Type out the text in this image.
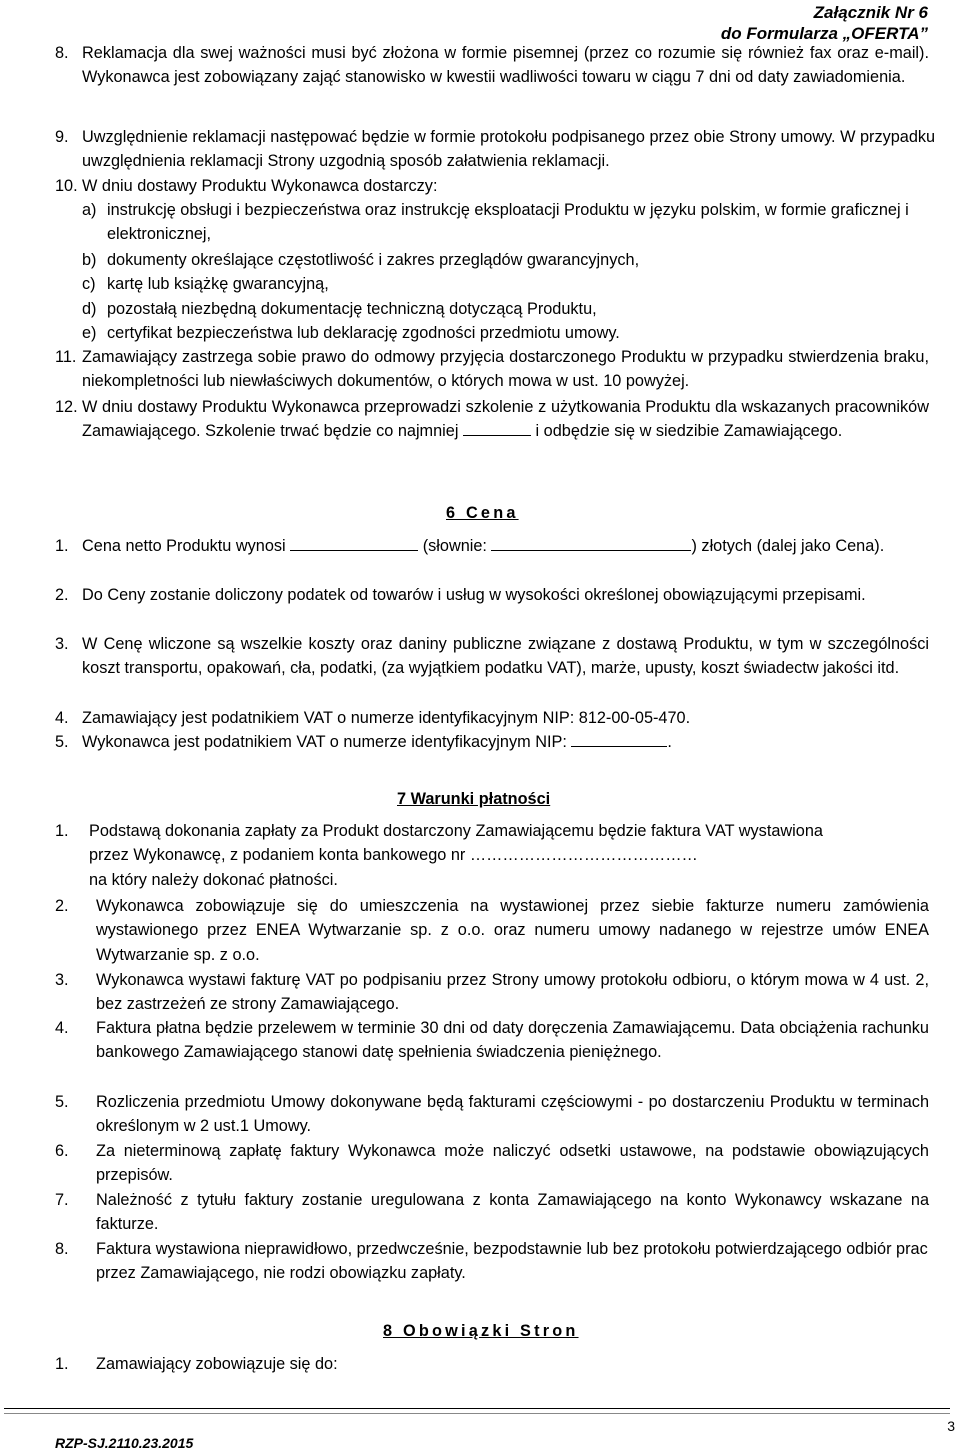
Załącznik Nr 6
do Formularza „OFERTA”
8. Reklamacja dla swej ważności musi być złożona w formie pisemnej (przez co rozumie się również fax oraz e-mail). Wykonawca jest zobowiązany zająć stanowisko w kwestii wadliwości towaru w ciągu 7 dni od daty zawiadomienia.
9. Uwzględnienie reklamacji następować będzie w formie protokołu podpisanego przez obie Strony umowy. W przypadku uwzględnienia reklamacji Strony uzgodnią sposób załatwienia reklamacji.
10. W dniu dostawy Produktu Wykonawca dostarczy:
a) instrukcję obsługi i bezpieczeństwa oraz instrukcję eksploatacji Produktu w języku polskim, w formie graficznej i elektronicznej,
b) dokumenty określające częstotliwość i zakres przeglądów gwarancyjnych,
c) kartę lub książkę gwarancyjną,
d) pozostałą niezbędną dokumentację techniczną dotyczącą Produktu,
e) certyfikat bezpieczeństwa lub deklarację zgodności przedmiotu umowy.
11. Zamawiający zastrzega sobie prawo do odmowy przyjęcia dostarczonego Produktu w przypadku stwierdzenia braku, niekompletności lub niewłaściwych dokumentów, o których mowa w ust. 10 powyżej.
12. W dniu dostawy Produktu Wykonawca przeprowadzi szkolenie z użytkowania Produktu dla wskazanych pracowników Zamawiającego. Szkolenie trwać będzie co najmniej	i odbędzie się w siedzibie Zamawiającego.
6 Cena
1. Cena netto Produktu wynosi	(słownie:	) złotych (dalej jako Cena).
2. Do Ceny zostanie doliczony podatek od towarów i usług w wysokości określonej obowiązującymi przepisami.
3. W Cenę wliczone są wszelkie koszty oraz daniny publiczne związane z dostawą Produktu, w tym w szczególności koszt transportu, opakowań, cła, podatki, (za wyjątkiem podatku VAT), marże, upusty, koszt świadectw jakości itd.
4. Zamawiający jest podatnikiem VAT o numerze identyfikacyjnym NIP: 812-00-05-470.
5. Wykonawca jest podatnikiem VAT o numerze identyfikacyjnym NIP:	.
7 Warunki płatności
1. Podstawą dokonania zapłaty za Produkt dostarczony Zamawiającemu będzie faktura VAT wystawiona
przez Wykonawcę, z podaniem konta bankowego nr ……………………………………
na który należy dokonać płatności.
2. Wykonawca zobowiązuje się do umieszczenia na wystawionej przez siebie fakturze numeru zamówienia wystawionego przez ENEA Wytwarzanie sp. z o.o. oraz numeru umowy nadanego w rejestrze umów ENEA Wytwarzanie sp. z o.o.
3. Wykonawca wystawi fakturę VAT po podpisaniu przez Strony umowy protokołu odbioru, o którym mowa w 4 ust. 2, bez zastrzeżeń ze strony Zamawiającego.
4. Faktura płatna będzie przelewem w terminie 30 dni od daty doręczenia Zamawiającemu. Data obciążenia rachunku bankowego Zamawiającego stanowi datę spełnienia świadczenia pieniężnego.
5. Rozliczenia przedmiotu Umowy dokonywane będą fakturami częściowymi - po dostarczeniu Produktu w terminach określonym w 2 ust.1 Umowy.
6. Za nieterminową zapłatę faktury Wykonawca może naliczyć odsetki ustawowe, na podstawie obowiązujących przepisów.
7. Należność z tytułu faktury zostanie uregulowana z konta Zamawiającego na konto Wykonawcy wskazane na fakturze.
8. Faktura wystawiona nieprawidłowo, przedwcześnie, bezpodstawnie lub bez protokołu potwierdzającego odbiór prac przez Zamawiającego, nie rodzi obowiązku zapłaty.
8 Obowiązki Stron
1. Zamawiający zobowiązuje się do:
3
RZP-SJ.2110.23.2015
